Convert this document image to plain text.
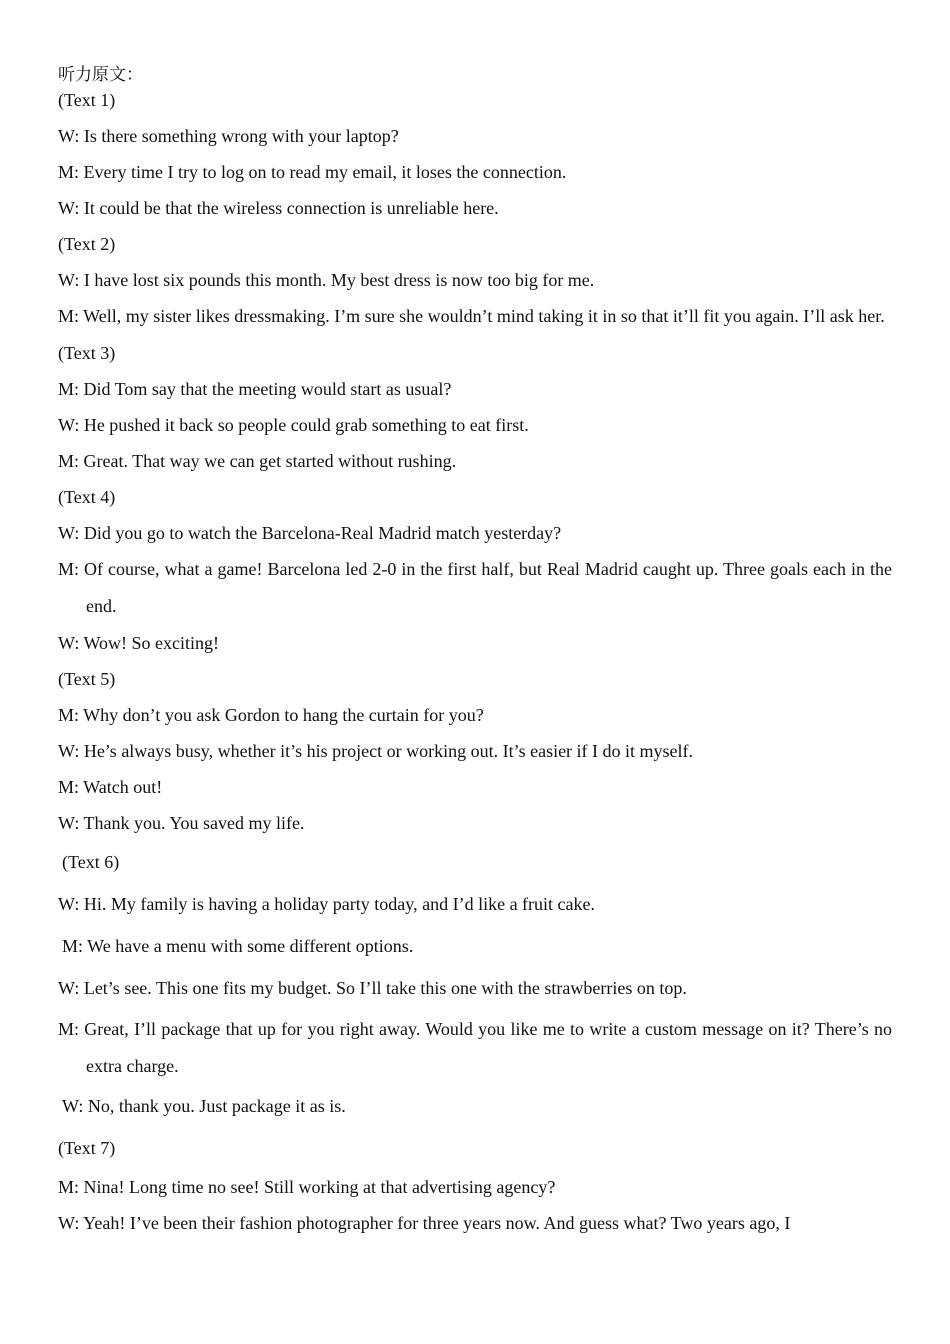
听力原文：

(Text 1)

W: Is there something wrong with your laptop?

M: Every time I try to log on to read my email, it loses the connection.

W: It could be that the wireless connection is unreliable here.

(Text 2)

W: I have lost six pounds this month. My best dress is now too big for me.

M: Well, my sister likes dressmaking. I’m sure she wouldn’t mind taking it in so that it’ll fit you again. I’ll ask her.

(Text 3)

M: Did Tom say that the meeting would start as usual?

W: He pushed it back so people could grab something to eat first.

M: Great. That way we can get started without rushing.

(Text 4)

W: Did you go to watch the Barcelona-Real Madrid match yesterday?

M: Of course, what a game! Barcelona led 2-0 in the first half, but Real Madrid caught up. Three goals each in the end.

W: Wow! So exciting!

(Text 5)

M: Why don’t you ask Gordon to hang the curtain for you?

W: He’s always busy, whether it’s his project or working out. It’s easier if I do it myself.

M: Watch out!

W: Thank you. You saved my life.

(Text 6)

W: Hi. My family is having a holiday party today, and I’d like a fruit cake.

M: We have a menu with some different options.

W: Let’s see. This one fits my budget. So I’ll take this one with the strawberries on top.

M: Great, I’ll package that up for you right away. Would you like me to write a custom message on it? There’s no extra charge.

W: No, thank you. Just package it as is.

(Text 7)

M: Nina! Long time no see! Still working at that advertising agency?

W: Yeah! I’ve been their fashion photographer for three years now. And guess what? Two years ago, I
